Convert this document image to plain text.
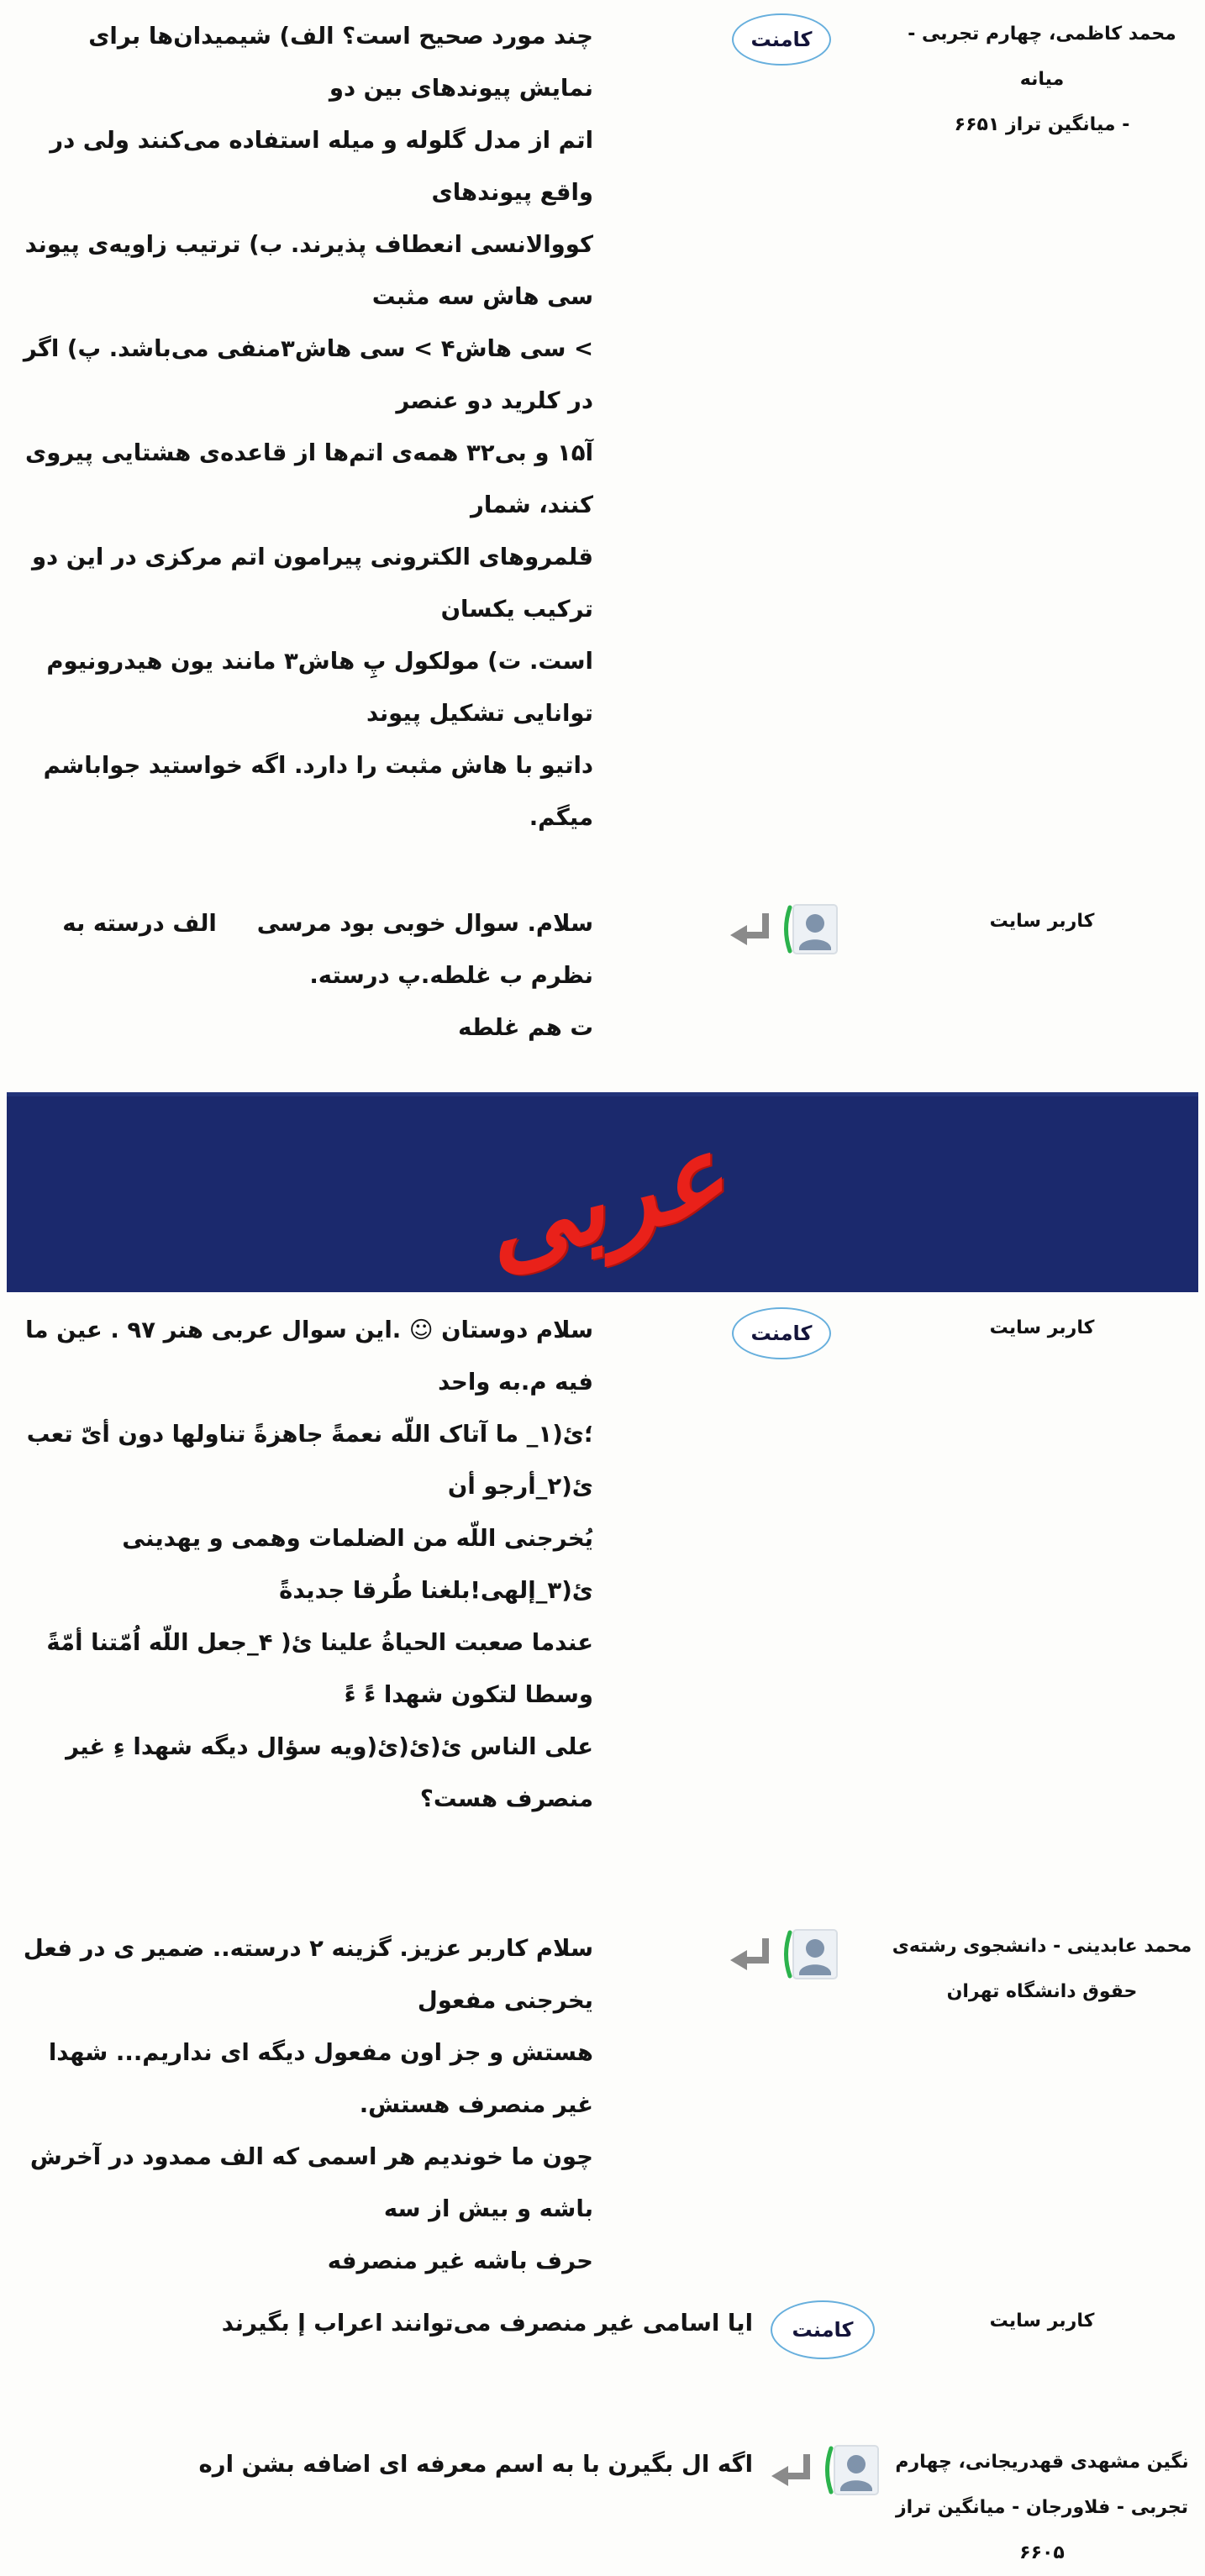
محمد کاظمی، چهارم تجربی - میانه
- میانگین تراز ۶۶۵۱
کامنت

چند مورد صحیح است؟ الف) شیمیدان‌ها برای نمایش پیوندهای بین دو

اتم از مدل گلوله و میله استفاده می‌کنند ولی در واقع پیوندهای

کووالانسی انعطاف پذیرند. ب) ترتیب زاویه‌ی پیوند سی هاش سه مثبت

> سی هاش۴ > سی هاش۳منفی می‌باشد. پ) اگر در کلرید دو عنصر

آ۱۵ و بی۳۲ همه‌ی اتم‌ها از قاعده‌ی هشتایی پیروی کنند، شمار

قلمروهای الکترونی پیرامون اتم مرکزی در این دو ترکیب یکسان

است. ت) مولکول پِ هاش۳ مانند یون هیدرونیوم توانایی تشکیل پیوند

داتیو با هاش مثبت را دارد. اگه خواستید جواباشم میگم.

کاربر سایت

سلام. سوال خوبی بود مرسی     الف درسته به نظرم ب غلطه.پ درسته.

ت هم غلطه

عربی
کاربر سایت
کامنت

سلام دوستان ☺ .این سوال عربی هنر ۹۷ . عین ما فیه م.به واحد

؛ئ(۱_ ما آتاک اللّه نعمةً جاهزةً تناولها دون أیّ تعب ئ(۲_أرجو أن

یُخرجنی اللّه من الضلمات وهمی و یهدینی ئ(۳_إلهی!بلغنا طُرقا جدیدةً

عندما صعبت الحیاةُ علینا ئ( ۴_جعل اللّه اُمّتنا أمّةً وسطا لتکون شهدا ءً ءً

علی الناس ئ(ئ(ئ(ویه سؤال دیگه شهدا ءِ غیر منصرف هست؟

محمد عابدینی - دانشجوی رشته‌ی
حقوق دانشگاه تهران

سلام کاربر عزیز. گزینه ۲ درسته.. ضمیر ی در فعل یخرجنی مفعول

هستش و جز اون مفعول دیگه ای نداریم... شهدا غیر منصرف هستش.

چون ما خوندیم هر اسمی که الف ممدود در آخرش باشه و بیش از سه

حرف باشه غیر منصرفه

کاربر سایت
کامنت

ایا اسامی غیر منصرف می‌توانند اعراب إ بگیرند

نگین مشهدی قهدریجانی، چهارم
تجربی - فلاورجان - میانگین تراز
۶۶۰۵

اگه ال بگیرن با به اسم معرفه ای اضافه بشن اره
